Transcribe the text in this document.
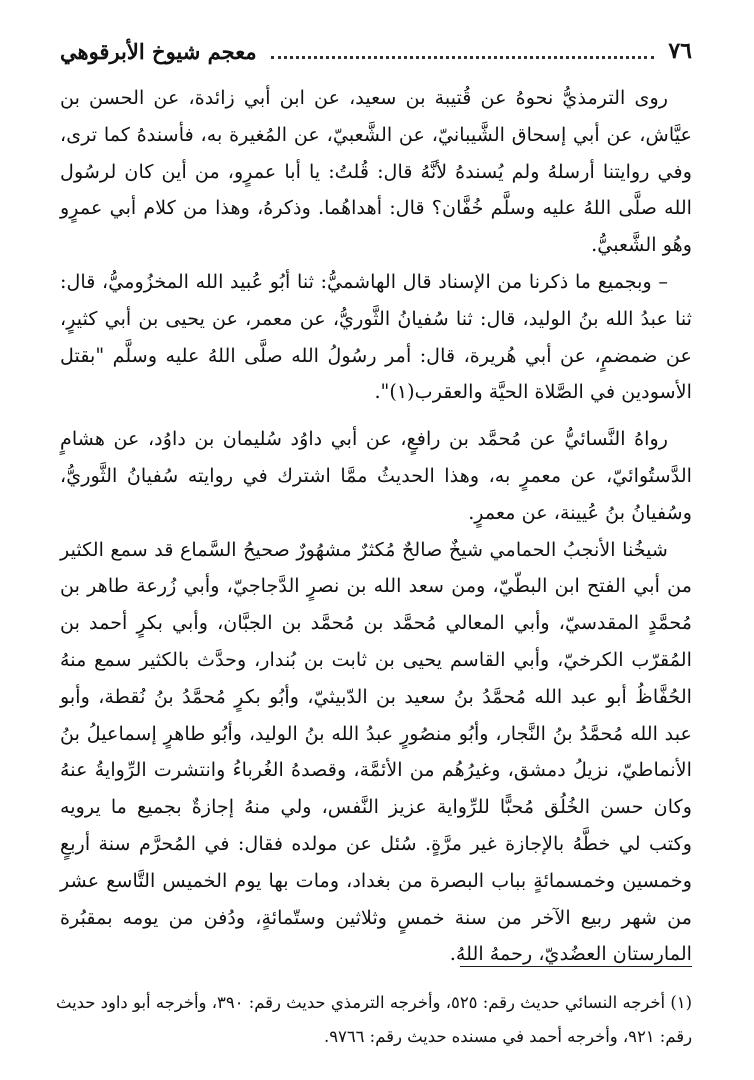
٧٦
معجم شيوخ الأبرقوهي

روى الترمذيُّ نحوهُ عن قُتيبة بن سعيد، عن ابن أبي زائدة، عن الحسن بن عيَّاش، عن أبي إسحاق الشَّيبانيّ، عن الشَّعبيّ، عن المُغيرة به، فأسندهُ كما ترى، وفي روايتنا أرسلهُ ولم يُسندهُ لأنَّهُ قال: قُلتُ: يا أبا عمرٍو، من أين كان لرسُول الله صلَّى اللهُ عليه وسلَّم خُفَّان؟ قال: أهداهُما. وذكرهُ، وهذا من كلام أبي عمرٍو وهُو الشَّعبيُّ.

– وبجميع ما ذكرنا من الإسناد قال الهاشميُّ: ثنا أبُو عُبيد الله المخزُوميُّ، قال: ثنا عبدُ الله بنُ الوليد، قال: ثنا سُفيانُ الثَّوريُّ، عن معمر، عن يحيى بن أبي كثيرٍ، عن ضمضمٍ، عن أبي هُريرة، قال: أمر رسُولُ الله صلَّى اللهُ عليه وسلَّم "بقتل الأسودين في الصَّلاة الحيَّة والعقرب(١)".

رواهُ النَّسائيُّ عن مُحمَّد بن رافعٍ، عن أبي داوُد سُليمان بن داوُد، عن هشامٍ الدَّستُوائيّ، عن معمرٍ به، وهذا الحديثُ ممَّا اشترك في روايته سُفيانُ الثَّوريُّ، وسُفيانُ بنُ عُيينة، عن معمرٍ.

شيخُنا الأنجبُ الحمامي شيخٌ صالحٌ مُكثرٌ مشهُورٌ صحيحُ السَّماع قد سمع الكثير من أبي الفتح ابن البطّيّ، ومن سعد الله بن نصرٍ الدَّجاجيّ، وأبي زُرعة طاهر بن مُحمَّدٍ المقدسيّ، وأبي المعالي مُحمَّد بن مُحمَّد بن الجبَّان، وأبي بكرٍ أحمد بن المُقرّب الكرخيّ، وأبي القاسم يحيى بن ثابت بن بُندار، وحدَّث بالكثير سمع منهُ الحُفَّاظُ أبو عبد الله مُحمَّدُ بنُ سعيد بن الدّبيثيّ، وأبُو بكرٍ مُحمَّدُ بنُ نُقطة، وأبو عبد الله مُحمَّدُ بنُ النَّجار، وأبُو منصُورٍ عبدُ الله بنُ الوليد، وأبُو طاهرٍ إسماعيلُ بنُ الأنماطيّ، نزيلُ دمشق، وغيرُهُم من الأئمَّة، وقصدهُ الغُرباءُ وانتشرت الرِّوايةُ عنهُ وكان حسن الخُلُق مُحبًّا للرِّواية عزيز النَّفس، ولي منهُ إجازةٌ بجميع ما يرويه وكتب لي خطَّهُ بالإجازة غير مرَّةٍ. سُئل عن مولده فقال: في المُحرَّم سنة أربعٍ وخمسين وخمسمائةٍ بباب البصرة من بغداد، ومات بها يوم الخميس التَّاسع عشر من شهر ربيع الآخر من سنة خمسٍ وثلاثين وستّمائةٍ، ودُفن من يومه بمقبُرة المارستان العضُديّ، رحمهُ اللهُ.

(١) أخرجه النسائي حديث رقم: ٥٢٥، وأخرجه الترمذي حديث رقم: ٣٩٠، وأخرجه أبو داود حديث رقم: ٩٢١، وأخرجه أحمد في مسنده حديث رقم: ٩٧٦٦.
